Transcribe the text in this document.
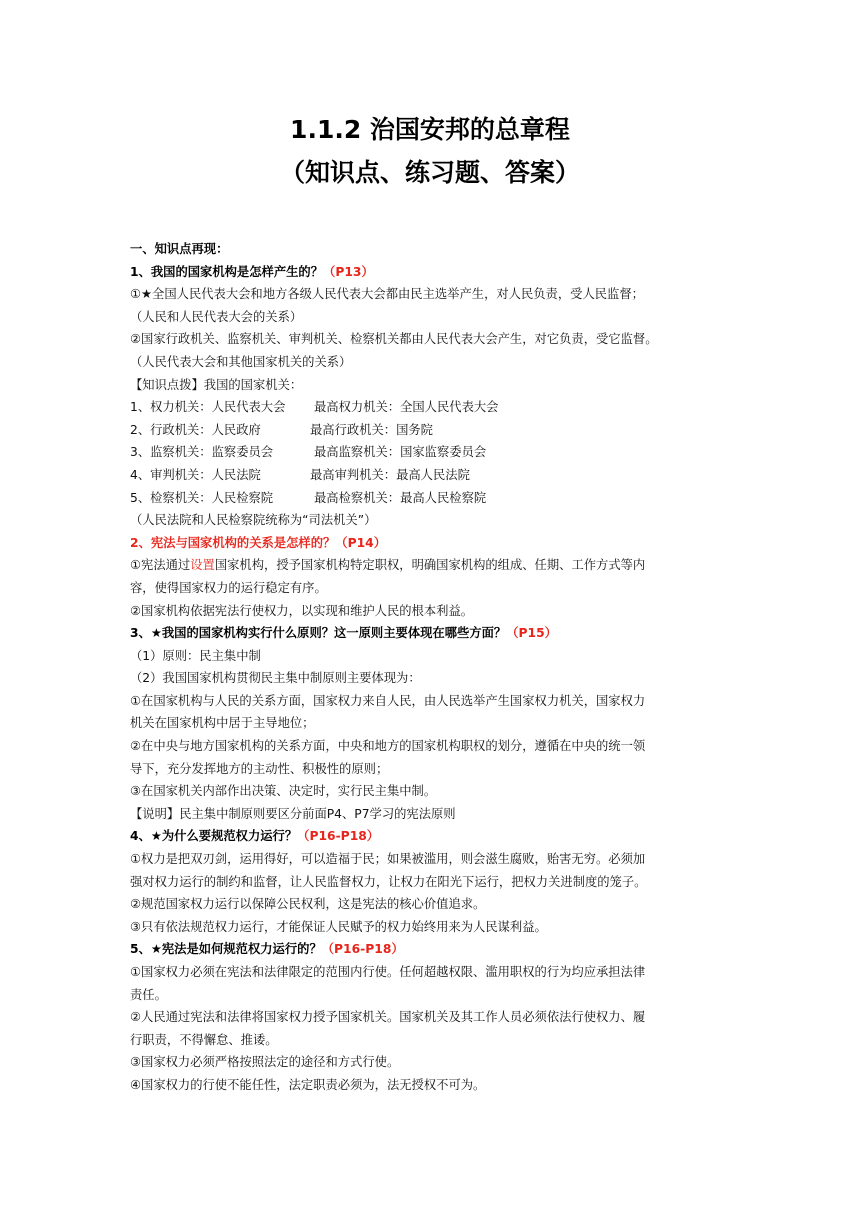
1.1.2 治国安邦的总章程
（知识点、练习题、答案）
一、知识点再现：
1、我国的国家机构是怎样产生的？（P13）
①★全国人民代表大会和地方各级人民代表大会都由民主选举产生，对人民负责，受人民监督；
（人民和人民代表大会的关系）
②国家行政机关、监察机关、审判机关、检察机关都由人民代表大会产生，对它负责，受它监督。
（人民代表大会和其他国家机关的关系）
【知识点拨】我国的国家机关：
1、权力机关：人民代表大会 最高权力机关：全国人民代表大会
2、行政机关：人民政府	最高行政机关：国务院
3、监察机关：监察委员会	最高监察机关：国家监察委员会
4、审判机关：人民法院	最高审判机关：最高人民法院
5、检察机关：人民检察院	最高检察机关：最高人民检察院
（人民法院和人民检察院统称为“司法机关”）
2、宪法与国家机构的关系是怎样的？（P14）
①宪法通过设置国家机构，授予国家机构特定职权，明确国家机构的组成、任期、工作方式等内
容，使得国家权力的运行稳定有序。
②国家机构依据宪法行使权力，以实现和维护人民的根本利益。
3、★我国的国家机构实行什么原则？这一原则主要体现在哪些方面？（P15）
（1）原则：民主集中制
（2）我国国家机构贯彻民主集中制原则主要体现为：
①在国家机构与人民的关系方面，国家权力来自人民，由人民选举产生国家权力机关，国家权力
机关在国家机构中居于主导地位；
②在中央与地方国家机构的关系方面，中央和地方的国家机构职权的划分，遵循在中央的统一领
导下，充分发挥地方的主动性、积极性的原则；
③在国家机关内部作出决策、决定时，实行民主集中制。
【说明】民主集中制原则要区分前面P4、P7学习的宪法原则
4、★为什么要规范权力运行？（P16-P18）
①权力是把双刃剑，运用得好，可以造福于民；如果被滥用，则会滋生腐败，贻害无穷。必须加
强对权力运行的制约和监督，让人民监督权力，让权力在阳光下运行，把权力关进制度的笼子。
②规范国家权力运行以保障公民权利，这是宪法的核心价值追求。
③只有依法规范权力运行，才能保证人民赋予的权力始终用来为人民谋利益。
5、★宪法是如何规范权力运行的？（P16-P18）
①国家权力必须在宪法和法律限定的范围内行使。任何超越权限、滥用职权的行为均应承担法律
责任。
②人民通过宪法和法律将国家权力授予国家机关。国家机关及其工作人员必须依法行使权力、履
行职责，不得懈怠、推诿。
③国家权力必须严格按照法定的途径和方式行使。
④国家权力的行使不能任性，法定职责必须为，法无授权不可为。
